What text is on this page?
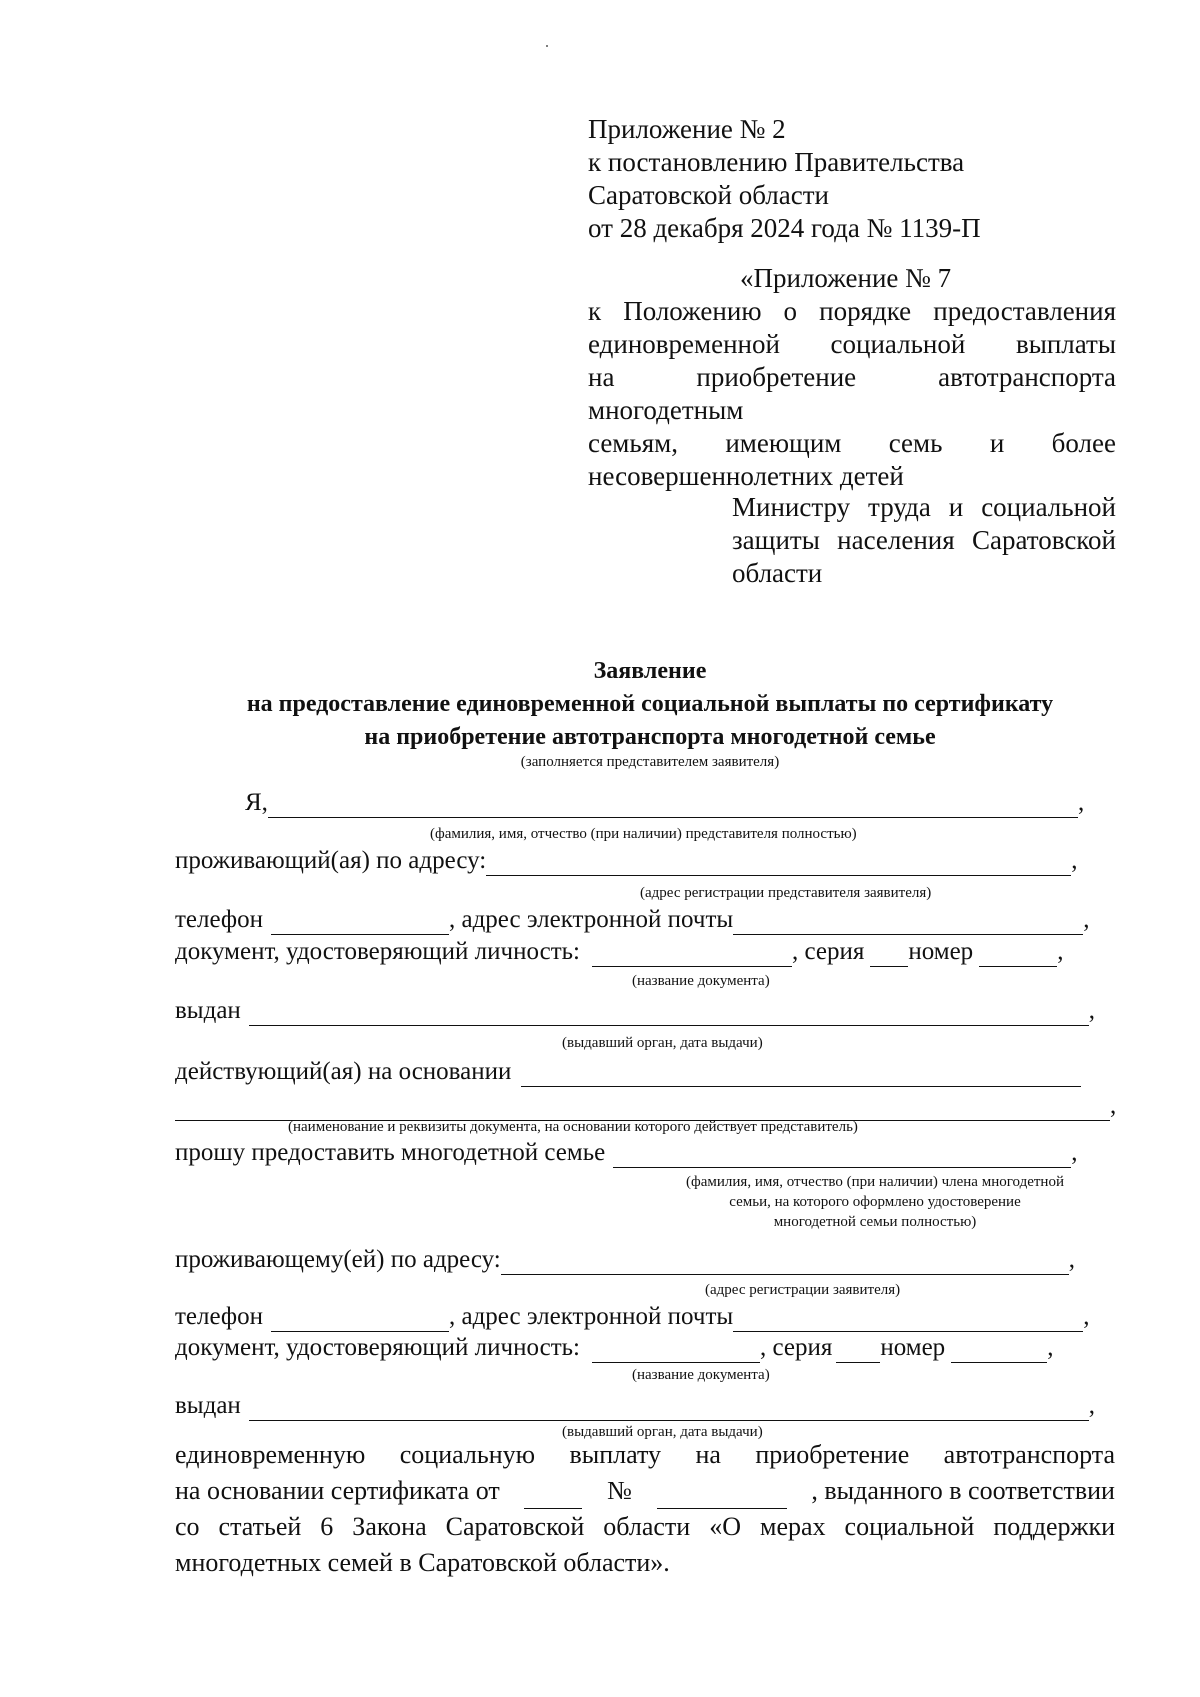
Приложение № 2
к постановлению Правительства
Саратовской области
от 28 декабря 2024 года № 1139-П
«Приложение № 7
к Положению о порядке предоставления
единовременной социальной выплаты
на приобретение автотранспорта многодетным
семьям, имеющим семь и более
несовершеннолетних детей
Министру труда и социальной
защиты населения Саратовской
области
Заявление
на предоставление единовременной социальной выплаты по сертификату
на приобретение автотранспорта многодетной семье
(заполняется представителем заявителя)
Я,	,
(фамилия, имя, отчество (при наличии) представителя полностью)
проживающий(ая) по адресу:	,
(адрес регистрации представителя заявителя)
телефон	, адрес электронной почты	,
документ, удостоверяющий личность:	, серия номер	,
(название документа)
выдан	,
(выдавший орган, дата выдачи)
действующий(ая) на основании
,
(наименование и реквизиты документа, на основании которого действует представитель)
прошу предоставить многодетной семье	,
(фамилия, имя, отчество (при наличии) члена многодетной
семьи, на которого оформлено удостоверение
многодетной семьи полностью)
проживающему(ей) по адресу:	,
(адрес регистрации заявителя)
телефон	, адрес электронной почты	,
документ, удостоверяющий личность:	, серия номер	,
(название документа)
выдан	,
(выдавший орган, дата выдачи)
единовременную социальную выплату на приобретение автотранспорта
на основании сертификата от	№	, выданного в соответствии
со статьей 6 Закона Саратовской области «О мерах социальной поддержки
многодетных семей в Саратовской области».
